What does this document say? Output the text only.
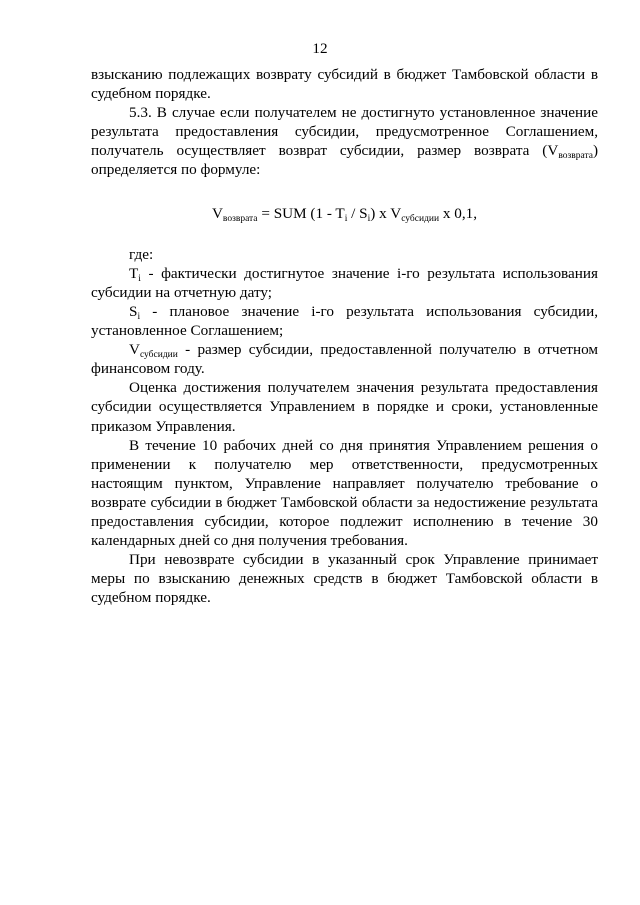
12

взысканию подлежащих возврату субсидий в бюджет Тамбовской области в судебном порядке.

5.3. В случае если получателем не достигнуто установленное значение результата предоставления субсидии, предусмотренное Соглашением, получатель осуществляет возврат субсидии, размер возврата $(V_{возврата})$ определяется по формуле:

$V_{возврата}$ = SUM $(1 - T_i / S_i)$ x $V_{субсидии}$ x 0,1,

где:

$T_i$ - фактически достигнутое значение i-го результата использования субсидии на отчетную дату;

$S_i$ - плановое значение i-го результата использования субсидии, установленное Соглашением;

$V_{субсидии}$ - размер субсидии, предоставленной получателю в отчетном финансовом году.

Оценка достижения получателем значения результата предоставления субсидии осуществляется Управлением в порядке и сроки, установленные приказом Управления.

В течение 10 рабочих дней со дня принятия Управлением решения о применении к получателю мер ответственности, предусмотренных настоящим пунктом, Управление направляет получателю требование о возврате субсидии в бюджет Тамбовской области за недостижение результата предоставления субсидии, которое подлежит исполнению в течение 30 календарных дней со дня получения требования.

При невозврате субсидии в указанный срок Управление принимает меры по взысканию денежных средств в бюджет Тамбовской области в судебном порядке.
